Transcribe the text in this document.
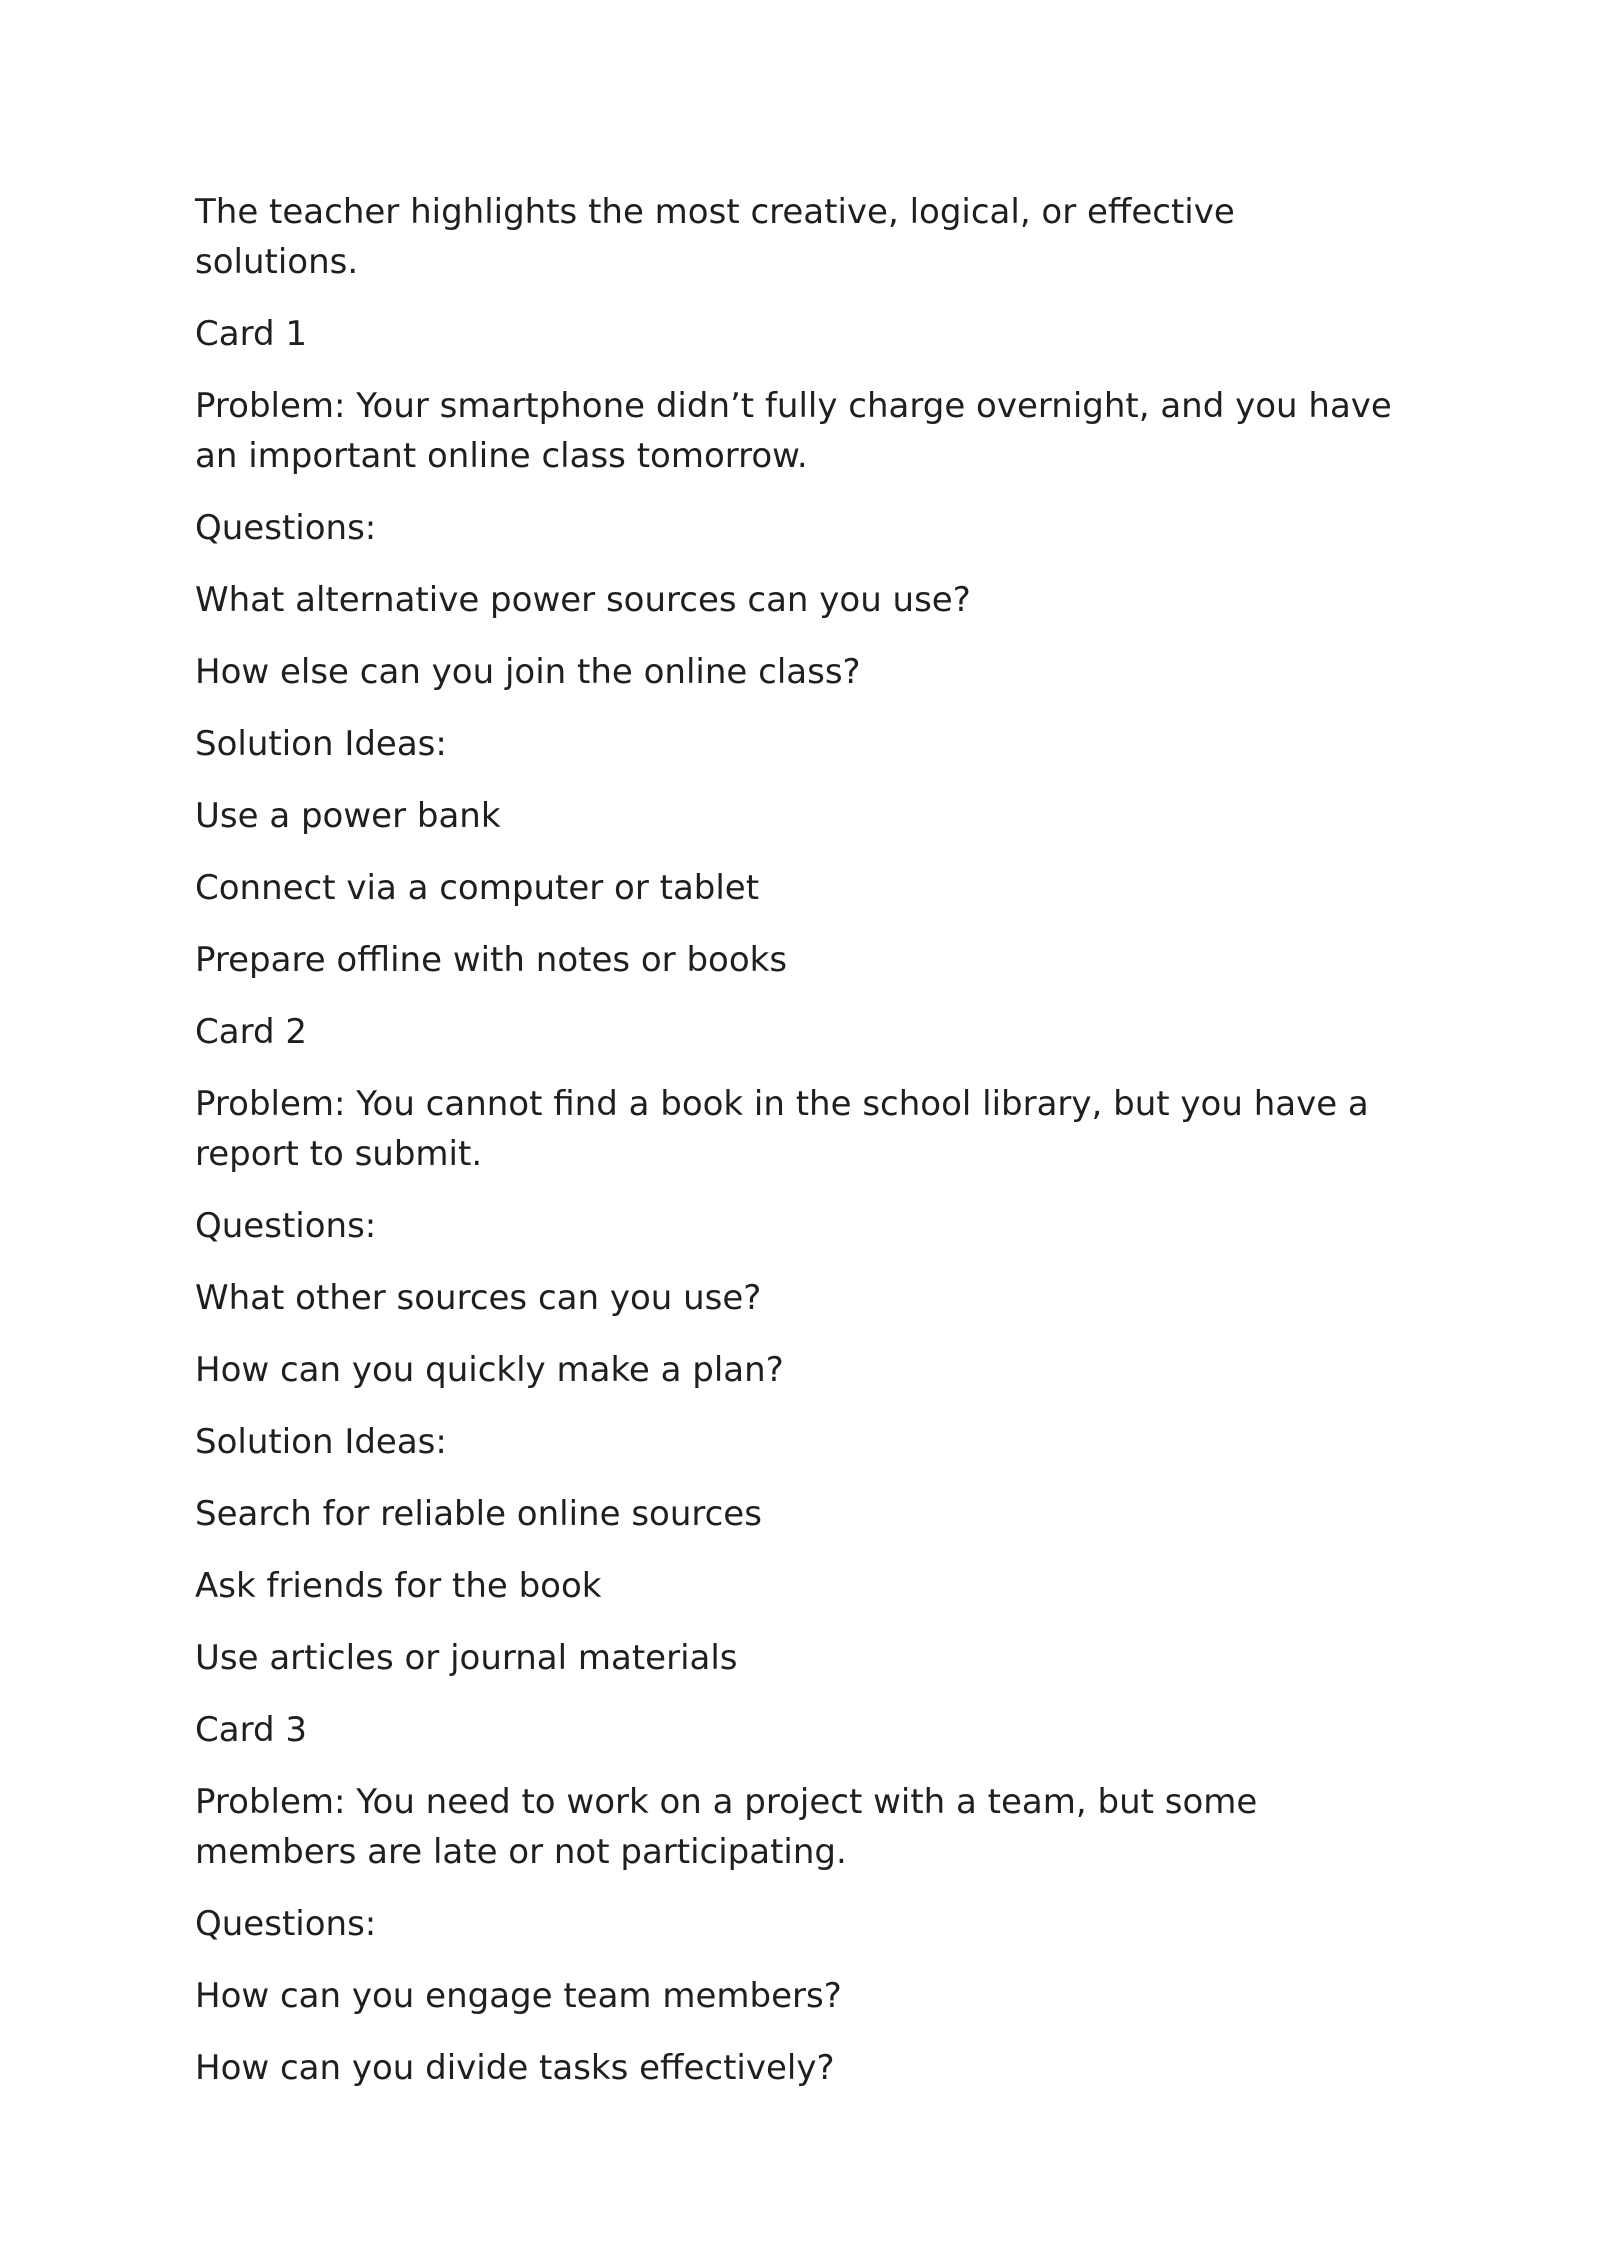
The teacher highlights the most creative, logical, or effective solutions.

Card 1

Problem: Your smartphone didn’t fully charge overnight, and you have an important online class tomorrow.

Questions:

What alternative power sources can you use?

How else can you join the online class?

Solution Ideas:

Use a power bank

Connect via a computer or tablet

Prepare offline with notes or books

Card 2

Problem: You cannot find a book in the school library, but you have a report to submit.

Questions:

What other sources can you use?

How can you quickly make a plan?

Solution Ideas:

Search for reliable online sources

Ask friends for the book

Use articles or journal materials

Card 3

Problem: You need to work on a project with a team, but some members are late or not participating.

Questions:

How can you engage team members?

How can you divide tasks effectively?
